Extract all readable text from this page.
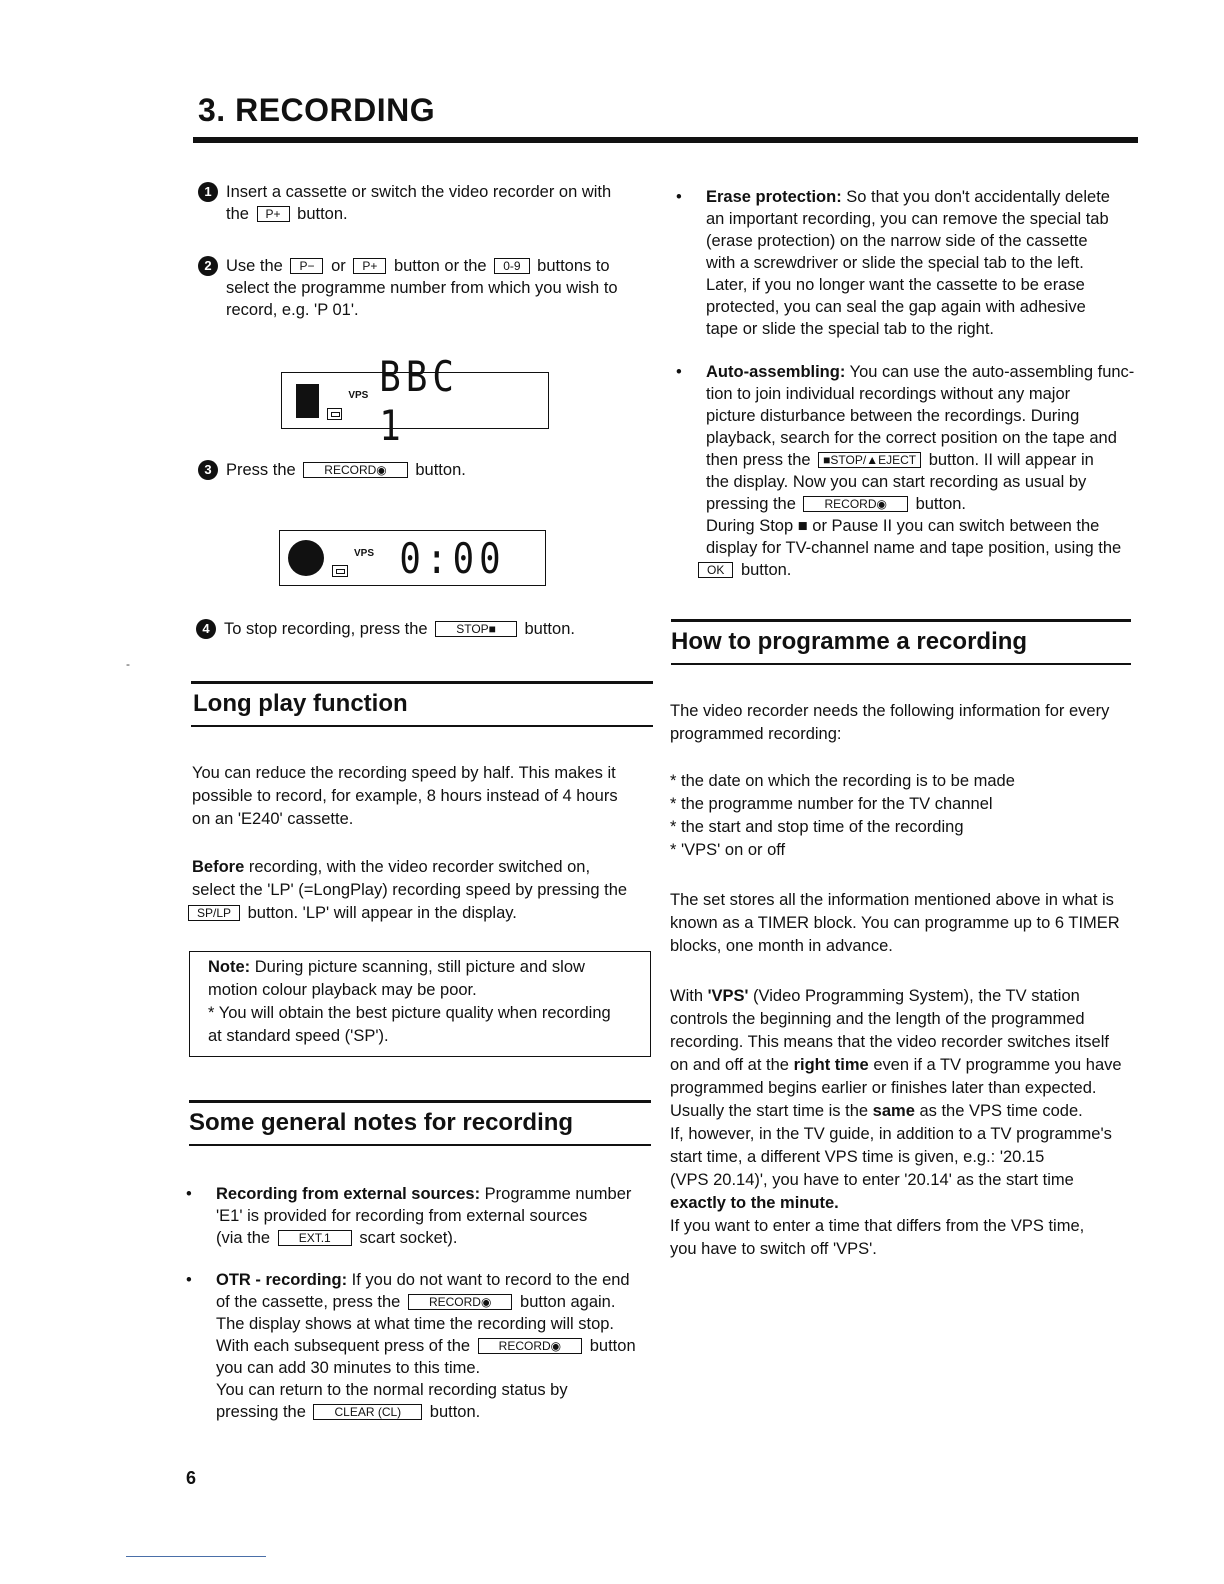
3. RECORDING
1 Insert a cassette or switch the video recorder on with
the P+ button.
2 Use the P− or P+ button or the 0-9 buttons to
select the programme number from which you wish to
record, e.g. 'P 01'.
VPS BBC 1
3 Press the RECORD◉ button.
VPS 0:00
4 To stop recording, press the STOP■ button.
-
Long play function
You can reduce the recording speed by half. This makes it
possible to record, for example, 8 hours instead of 4 hours
on an 'E240' cassette.
Before recording, with the video recorder switched on,
select the 'LP' (=LongPlay) recording speed by pressing the
SP/LP button. 'LP' will appear in the display.
Note: During picture scanning, still picture and slow
motion colour playback may be poor.
* You will obtain the best picture quality when recording
at standard speed ('SP').
Some general notes for recording
•	Recording from external sources: Programme number
'E1' is provided for recording from external sources
(via the EXT.1 scart socket).
•	OTR - recording: If you do not want to record to the end
of the cassette, press the RECORD◉ button again.
The display shows at what time the recording will stop.
With each subsequent press of the RECORD◉ button
you can add 30 minutes to this time.
You can return to the normal recording status by
pressing the CLEAR (CL) button.
•	Erase protection: So that you don't accidentally delete
an important recording, you can remove the special tab
(erase protection) on the narrow side of the cassette
with a screwdriver or slide the special tab to the left.
Later, if you no longer want the cassette to be erase
protected, you can seal the gap again with adhesive
tape or slide the special tab to the right.
•	Auto-assembling: You can use the auto-assembling func-
tion to join individual recordings without any major
picture disturbance between the recordings. During
playback, search for the correct position on the tape and
then press the ■STOP/▲EJECT button. II will appear in
the display. Now you can start recording as usual by
pressing the RECORD◉ button.
During Stop ■ or Pause II you can switch between the
display for TV-channel name and tape position, using the
OK button.
How to programme a recording
The video recorder needs the following information for every
programmed recording:
* the date on which the recording is to be made
* the programme number for the TV channel
* the start and stop time of the recording
* 'VPS' on or off
The set stores all the information mentioned above in what is
known as a TIMER block. You can programme up to 6 TIMER
blocks, one month in advance.
With 'VPS' (Video Programming System), the TV station
controls the beginning and the length of the programmed
recording. This means that the video recorder switches itself
on and off at the right time even if a TV programme you have
programmed begins earlier or finishes later than expected.
Usually the start time is the same as the VPS time code.
If, however, in the TV guide, in addition to a TV programme's
start time, a different VPS time is given, e.g.: '20.15
(VPS 20.14)', you have to enter '20.14' as the start time
exactly to the minute.
If you want to enter a time that differs from the VPS time,
you have to switch off 'VPS'.
6
